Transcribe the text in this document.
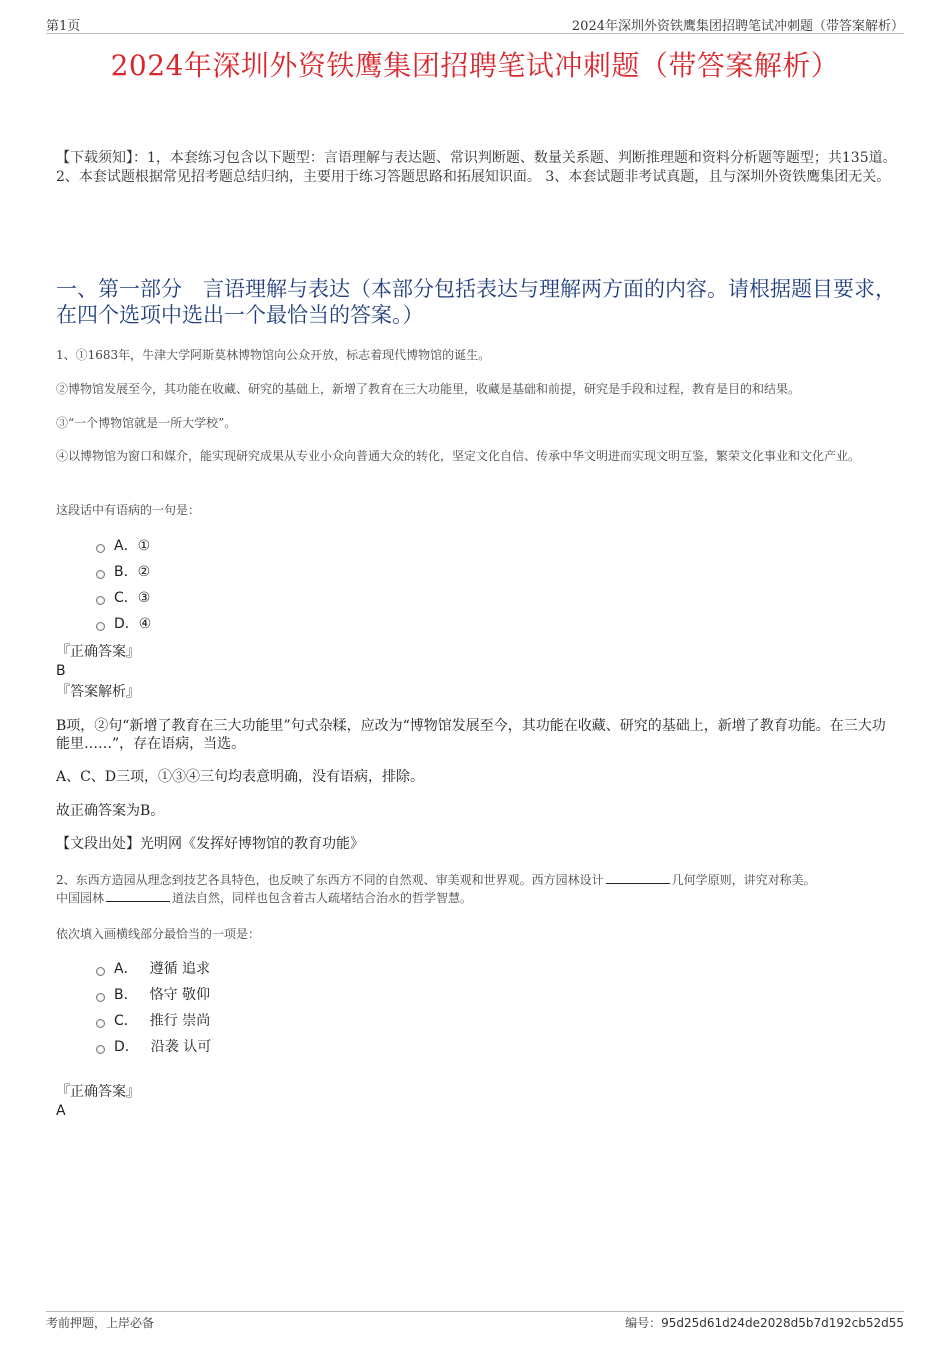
第1页	2024年深圳外资铁鹰集团招聘笔试冲刺题（带答案解析）
2024年深圳外资铁鹰集团招聘笔试冲刺题（带答案解析）
【下载须知】：1，本套练习包含以下题型：言语理解与表达题、常识判断题、数量关系题、判断推理题和资料分析题等题型；共135道。 2、本套试题根据常见招考题总结归纳，主要用于练习答题思路和拓展知识面。 3、本套试题非考试真题，且与深圳外资铁鹰集团无关。
一、第一部分　言语理解与表达（本部分包括表达与理解两方面的内容。请根据题目要求，在四个选项中选出一个最恰当的答案。）
1、①1683年，牛津大学阿斯莫林博物馆向公众开放，标志着现代博物馆的诞生。
②博物馆发展至今，其功能在收藏、研究的基础上，新增了教育在三大功能里，收藏是基础和前提，研究是手段和过程，教育是目的和结果。
③“一个博物馆就是一所大学校”。
④以博物馆为窗口和媒介，能实现研究成果从专业小众向普通大众的转化，坚定文化自信、传承中华文明进而实现文明互鉴，繁荣文化事业和文化产业。
这段话中有语病的一句是：
A． ①
B． ②
C． ③
D． ④
『正确答案』
B
『答案解析』
B项，②句“新增了教育在三大功能里”句式杂糅，应改为“博物馆发展至今，其功能在收藏、研究的基础上，新增了教育功能。在三大功能里……”，存在语病，当选。
A、C、D三项，①③④三句均表意明确，没有语病，排除。
故正确答案为B。
【文段出处】光明网《发挥好博物馆的教育功能》
2、东西方造园从理念到技艺各具特色，也反映了东西方不同的自然观、审美观和世界观。西方园林设计	几何学原则，讲究对称美。
中国园林	道法自然，同样也包含着古人疏堵结合治水的哲学智慧。
依次填入画横线部分最恰当的一项是：
A． 遵循 追求
B． 恪守 敬仰
C． 推行 崇尚
D． 沿袭 认可
『正确答案』
A
考前押题，上岸必备	编号：95d25d61d24de2028d5b7d192cb52d55
